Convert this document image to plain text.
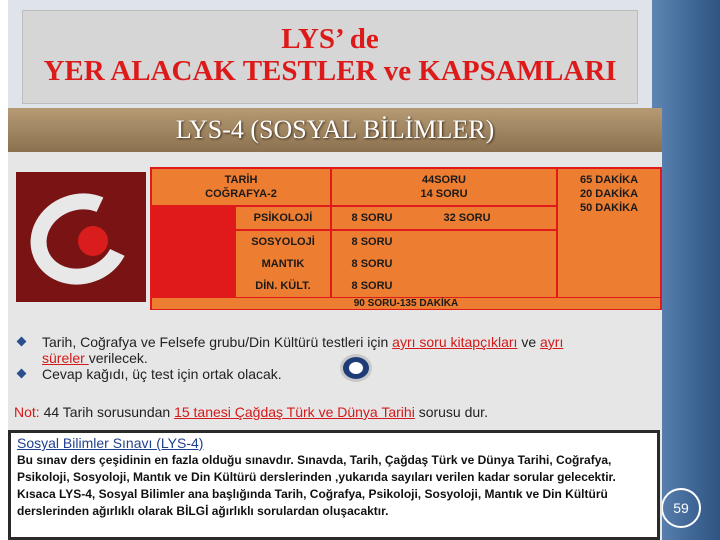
LYS’ de
YER ALACAK TESTLER ve KAPSAMLARI
59
LYS-4 (SOSYAL BİLİMLER)
TARİH
COĞRAFYA-2
PSİKOLOJİ
SOSYOLOJİ
MANTIK
DİN. KÜLT.
44SORU
14 SORU
8 SORU	32 SORU
8 SORU
8 SORU
8 SORU
65 DAKİKA
20 DAKİKA
50 DAKİKA
90 SORU-135 DAKİKA
Tarih, Coğrafya ve Felsefe grubu/Din Kültürü testleri için ayrı soru kitapçıkları ve ayrı
süreler verilecek.
Cevap kağıdı, üç test için ortak olacak.
Not: 44 Tarih sorusundan 15 tanesi Çağdaş Türk ve Dünya Tarihi sorusu dur.
Sosyal Bilimler Sınavı (LYS-4)
Bu sınav ders çeşidinin en fazla olduğu sınavdır. Sınavda, Tarih, Çağdaş Türk ve Dünya Tarihi, Coğrafya, Psikoloji, Sosyoloji, Mantık ve Din Kültürü derslerinden ,yukarıda sayıları verilen kadar sorular gelecektir. Kısaca LYS-4, Sosyal Bilimler ana başlığında Tarih, Coğrafya, Psikoloji, Sosyoloji, Mantık ve Din Kültürü derslerinden ağırlıklı olarak BİLGİ ağırlıklı sorulardan oluşacaktır.
